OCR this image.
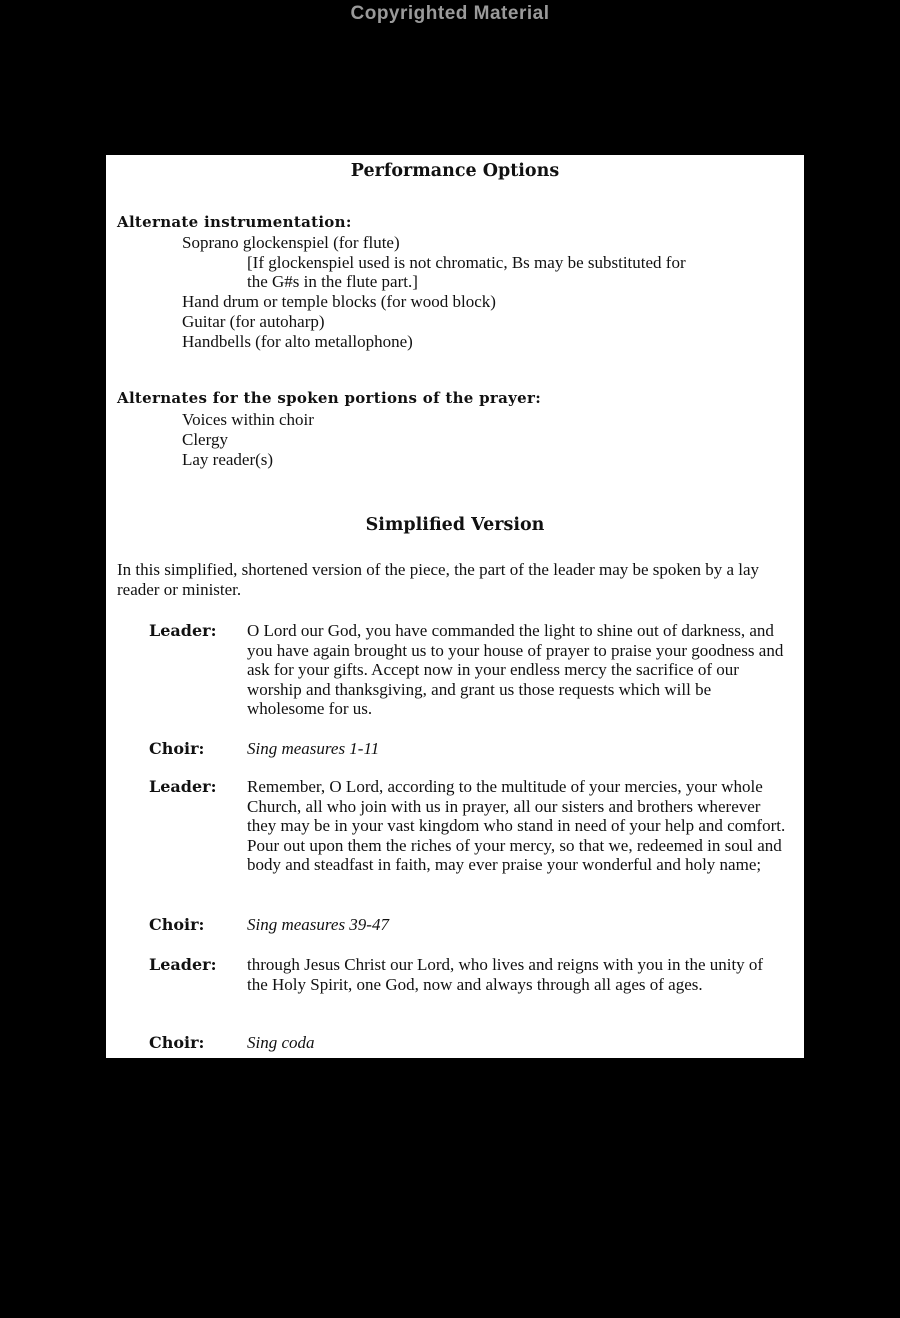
Copyrighted Material
Performance Options
Alternate instrumentation:
Soprano glockenspiel (for flute)
[If glockenspiel used is not chromatic, Bs may be substituted for
the G#s in the flute part.]
Hand drum or temple blocks (for wood block)
Guitar (for autoharp)
Handbells (for alto metallophone)
Alternates for the spoken portions of the prayer:
Voices within choir
Clergy
Lay reader(s)
Simplified Version
In this simplified, shortened version of the piece, the part of the leader may be spoken by a lay reader or minister.
Leader: O Lord our God, you have commanded the light to shine out of darkness, and you have again brought us to your house of prayer to praise your goodness and ask for your gifts. Accept now in your endless mercy the sacrifice of our worship and thanksgiving, and grant us those requests which will be wholesome for us.
Choir:	Sing measures 1-11
Leader: Remember, O Lord, according to the multitude of your mercies, your whole Church, all who join with us in prayer, all our sisters and brothers wherever they may be in your vast kingdom who stand in need of your help and comfort. Pour out upon them the riches of your mercy, so that we, redeemed in soul and body and steadfast in faith, may ever praise your wonderful and holy name;
Choir:	Sing measures 39-47
Leader: through Jesus Christ our Lord, who lives and reigns with you in the unity of the Holy Spirit, one God, now and always through all ages of ages.
Choir:	Sing coda
